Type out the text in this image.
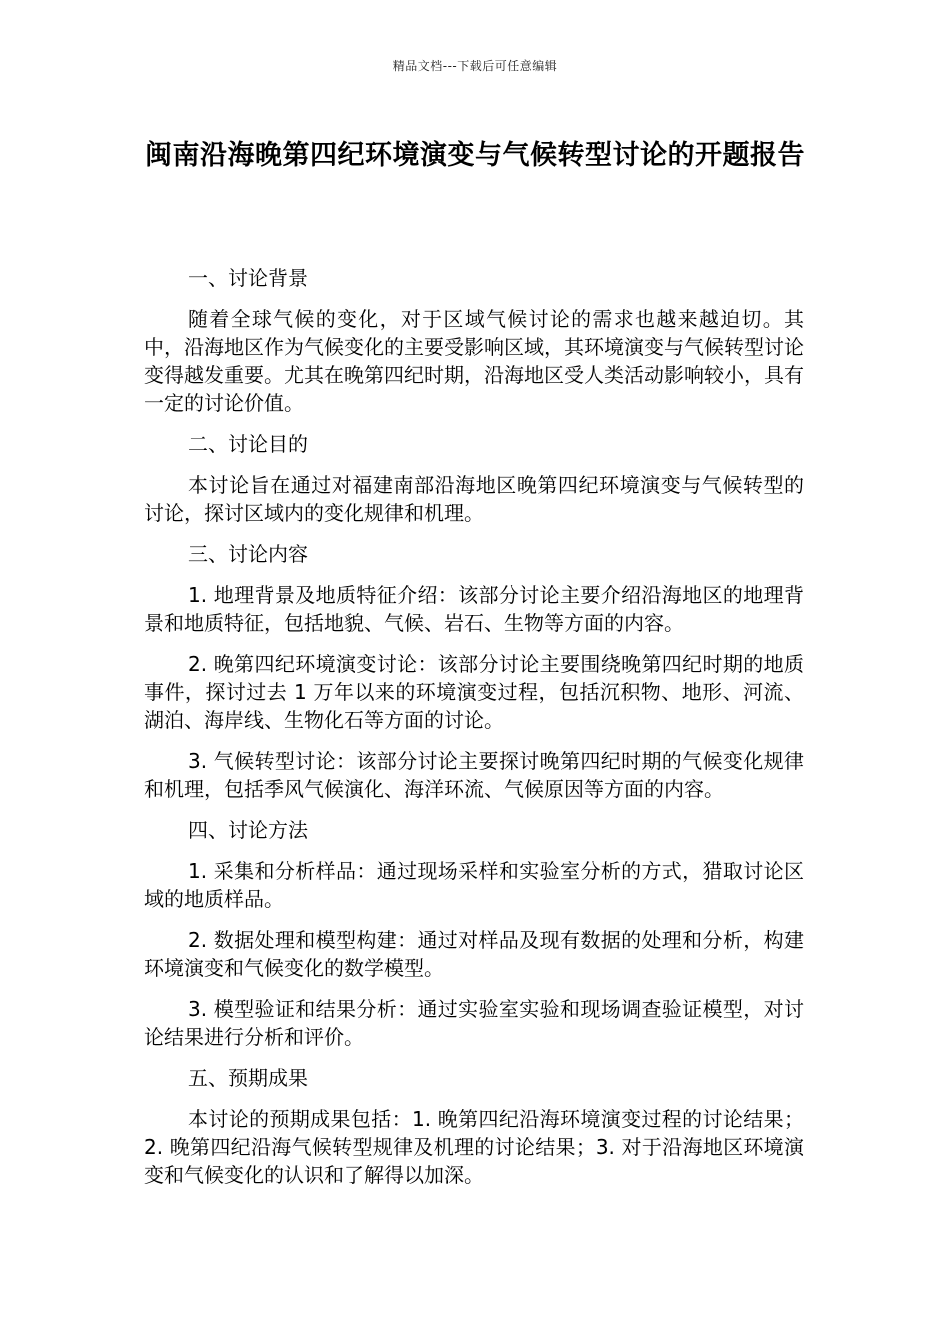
精品文档---下载后可任意编辑
闽南沿海晚第四纪环境演变与气候转型讨论的开题报告

一、讨论背景

随着全球气候的变化，对于区域气候讨论的需求也越来越迫切。其中，沿海地区作为气候变化的主要受影响区域，其环境演变与气候转型讨论变得越发重要。尤其在晚第四纪时期，沿海地区受人类活动影响较小，具有一定的讨论价值。

二、讨论目的

本讨论旨在通过对福建南部沿海地区晚第四纪环境演变与气候转型的讨论，探讨区域内的变化规律和机理。

三、讨论内容

1. 地理背景及地质特征介绍：该部分讨论主要介绍沿海地区的地理背景和地质特征，包括地貌、气候、岩石、生物等方面的内容。

2. 晚第四纪环境演变讨论：该部分讨论主要围绕晚第四纪时期的地质事件，探讨过去 1 万年以来的环境演变过程，包括沉积物、地形、河流、湖泊、海岸线、生物化石等方面的讨论。

3. 气候转型讨论：该部分讨论主要探讨晚第四纪时期的气候变化规律和机理，包括季风气候演化、海洋环流、气候原因等方面的内容。

四、讨论方法

1. 采集和分析样品：通过现场采样和实验室分析的方式，猎取讨论区域的地质样品。

2. 数据处理和模型构建：通过对样品及现有数据的处理和分析，构建环境演变和气候变化的数学模型。

3. 模型验证和结果分析：通过实验室实验和现场调查验证模型，对讨论结果进行分析和评价。

五、预期成果

本讨论的预期成果包括：1. 晚第四纪沿海环境演变过程的讨论结果；2. 晚第四纪沿海气候转型规律及机理的讨论结果；3. 对于沿海地区环境演变和气候变化的认识和了解得以加深。
